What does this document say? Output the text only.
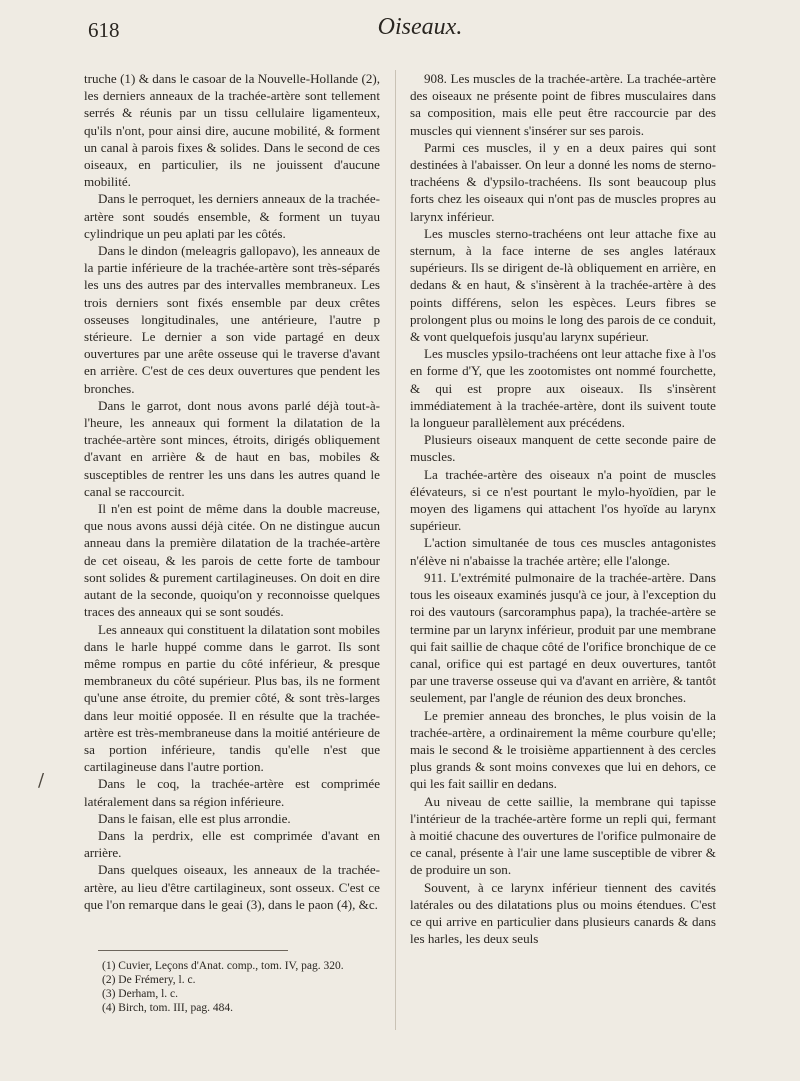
618	Oiseaux.

truche (1) & dans le casoar de la Nouvelle-Hollande (2), les derniers anneaux de la trachée-artère sont tellement serrés & réunis par un tissu cellulaire ligamenteux, qu'ils n'ont, pour ainsi dire, aucune mobilité, & forment un canal à parois fixes & solides. Dans le second de ces oiseaux, en particulier, ils ne jouissent d'aucune mobilité.

Dans le perroquet, les derniers anneaux de la trachée-artère sont soudés ensemble, & forment un tuyau cylindrique un peu aplati par les côtés.

Dans le dindon (meleagris gallopavo), les anneaux de la partie inférieure de la trachée-artère sont très-séparés les uns des autres par des intervalles membraneux. Les trois derniers sont fixés ensemble par deux crêtes osseuses longitudinales, une antérieure, l'autre p stérieure. Le dernier a son vide partagé en deux ouvertures par une arête osseuse qui le traverse d'avant en arrière. C'est de ces deux ouvertures que pendent les bronches.

Dans le garrot, dont nous avons parlé déjà tout-à-l'heure, les anneaux qui forment la dilatation de la trachée-artère sont minces, étroits, dirigés obliquement d'avant en arrière & de haut en bas, mobiles & susceptibles de rentrer les uns dans les autres quand le canal se raccourcit.

Il n'en est point de même dans la double macreuse, que nous avons aussi déjà citée. On ne distingue aucun anneau dans la première dilatation de la trachée-artère de cet oiseau, & les parois de cette forte de tambour sont solides & purement cartilagineuses. On doit en dire autant de la seconde, quoiqu'on y reconnoisse quelques traces des anneaux qui se sont soudés.

Les anneaux qui constituent la dilatation sont mobiles dans le harle huppé comme dans le garrot. Ils sont même rompus en partie du côté inférieur, & presque membraneux du côté supérieur. Plus bas, ils ne forment qu'une anse étroite, du premier côté, & sont très-larges dans leur moitié opposée. Il en résulte que la trachée-artère est très-membraneuse dans la moitié antérieure de sa portion inférieure, tandis qu'elle n'est que cartilagineuse dans l'autre portion.

Dans le coq, la trachée-artère est comprimée latéralement dans sa région inférieure.

Dans le faisan, elle est plus arrondie.

Dans la perdrix, elle est comprimée d'avant en arrière.

Dans quelques oiseaux, les anneaux de la trachée-artère, au lieu d'être cartilagineux, sont osseux. C'est ce que l'on remarque dans le geai (3), dans le paon (4), &c.

(1) Cuvier, Leçons d'Anat. comp., tom. IV, pag. 320.
(2) De Frémery, l. c.
(3) Derham, l. c.
(4) Birch, tom. III, pag. 484.

908. Les muscles de la trachée-artère. La trachée-artère des oiseaux ne présente point de fibres musculaires dans sa composition, mais elle peut être raccourcie par des muscles qui viennent s'insérer sur ses parois.

Parmi ces muscles, il y en a deux paires qui sont destinées à l'abaisser. On leur a donné les noms de sterno-trachéens & d'ypsilo-trachéens. Ils sont beaucoup plus forts chez les oiseaux qui n'ont pas de muscles propres au larynx inférieur.

Les muscles sterno-trachéens ont leur attache fixe au sternum, à la face interne de ses angles latéraux supérieurs. Ils se dirigent de-là obliquement en arrière, en dedans & en haut, & s'insèrent à la trachée-artère à des points différens, selon les espèces. Leurs fibres se prolongent plus ou moins le long des parois de ce conduit, & vont quelquefois jusqu'au larynx supérieur.

Les muscles ypsilo-trachéens ont leur attache fixe à l'os en forme d'Y, que les zootomistes ont nommé fourchette, & qui est propre aux oiseaux. Ils s'insèrent immédiatement à la trachée-artère, dont ils suivent toute la longueur parallèlement aux précédens.

Plusieurs oiseaux manquent de cette seconde paire de muscles.

La trachée-artère des oiseaux n'a point de muscles élévateurs, si ce n'est pourtant le mylo-hyoïdien, par le moyen des ligamens qui attachent l'os hyoïde au larynx supérieur.

L'action simultanée de tous ces muscles antagonistes n'élève ni n'abaisse la trachée artère; elle l'alonge.

911. L'extrémité pulmonaire de la trachée-artère. Dans tous les oiseaux examinés jusqu'à ce jour, à l'exception du roi des vautours (sarcoramphus papa), la trachée-artère se termine par un larynx inférieur, produit par une membrane qui fait saillie de chaque côté de l'orifice bronchique de ce canal, orifice qui est partagé en deux ouvertures, tantôt par une traverse osseuse qui va d'avant en arrière, & tantôt seulement, par l'angle de réunion des deux bronches.

Le premier anneau des bronches, le plus voisin de la trachée-artère, a ordinairement la même courbure qu'elle; mais le second & le troisième appartiennent à des cercles plus grands & sont moins convexes que lui en dehors, ce qui les fait saillir en dedans.

Au niveau de cette saillie, la membrane qui tapisse l'intérieur de la trachée-artère forme un repli qui, fermant à moitié chacune des ouvertures de l'orifice pulmonaire de ce canal, présente à l'air une lame susceptible de vibrer & de produire un son.

Souvent, à ce larynx inférieur tiennent des cavités latérales ou des dilatations plus ou moins étendues. C'est ce qui arrive en particulier dans plusieurs canards & dans les harles, les deux seuls

/
